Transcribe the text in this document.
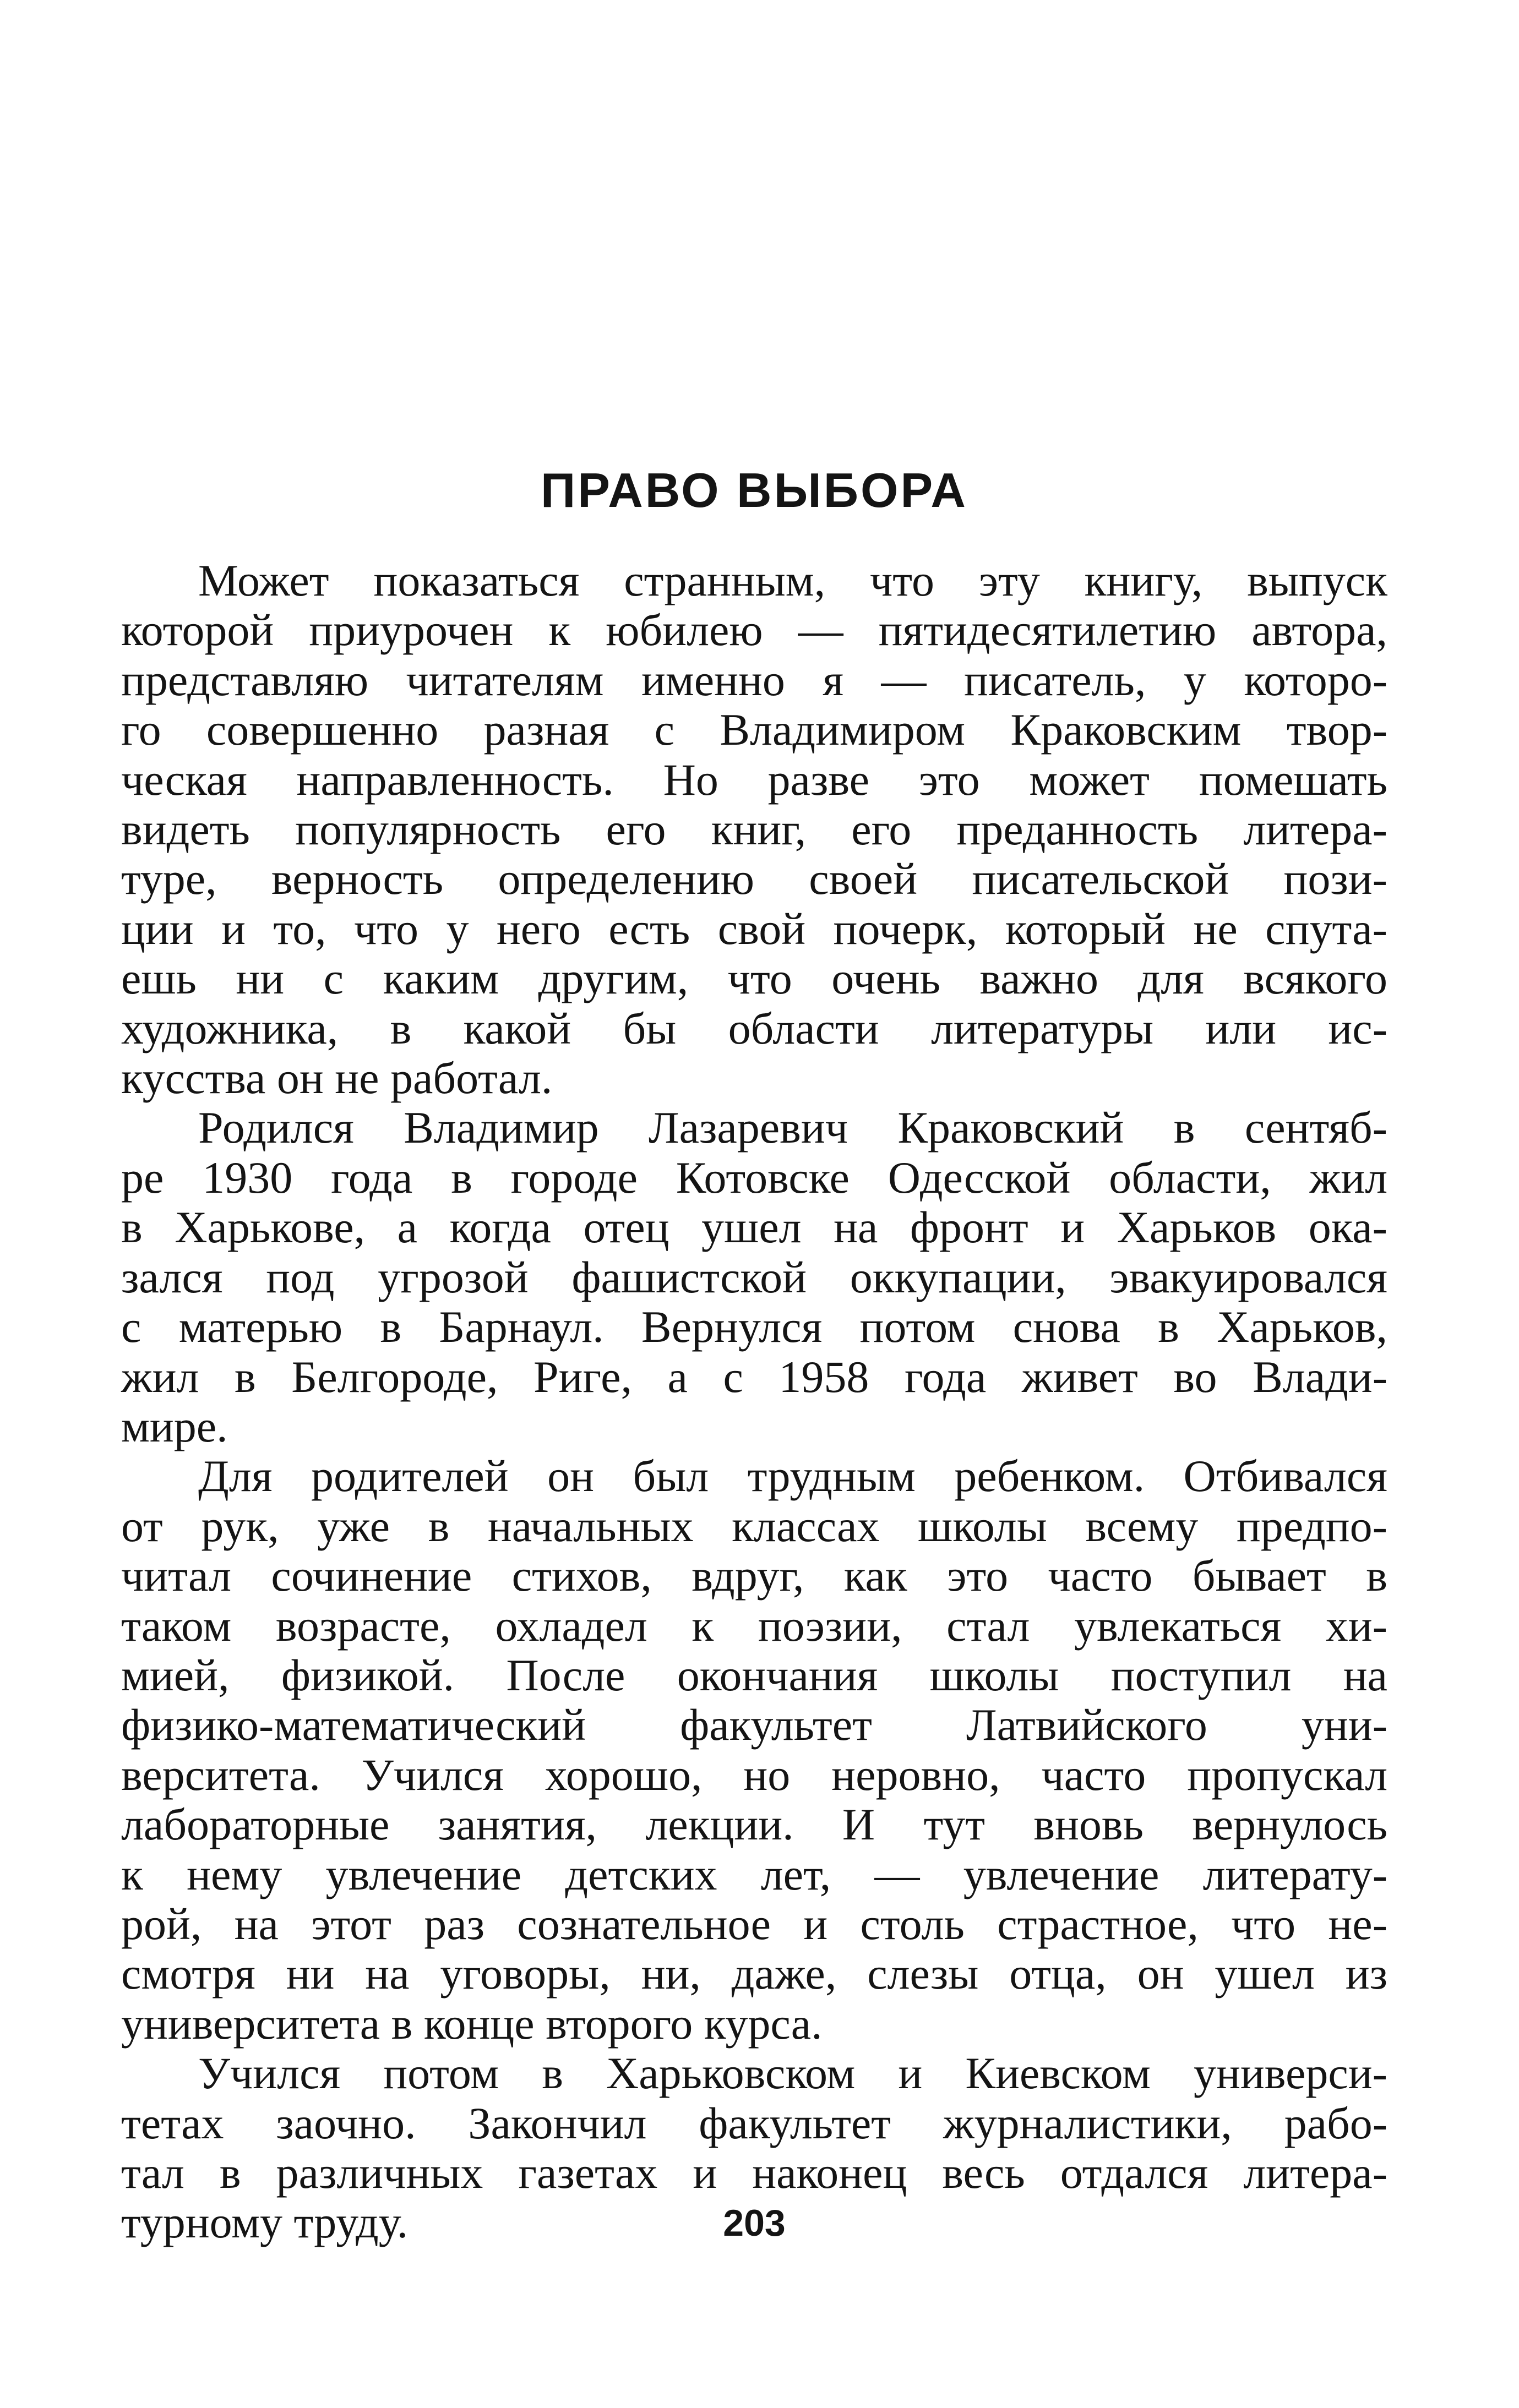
ПРАВО ВЫБОРА

Может показаться странным, что эту книгу, выпуск
которой приурочен к юбилею — пятидесятилетию автора,
представляю читателям именно я — писатель, у которо-
го совершенно разная с Владимиром Краковским твор-
ческая направленность. Но разве это может помешать
видеть популярность его книг, его преданность литера-
туре, верность определению своей писательской пози-
ции и то, что у него есть свой почерк, который не спута-
ешь ни с каким другим, что очень важно для всякого
художника, в какой бы области литературы или ис-
кусства он не работал.

Родился Владимир Лазаревич Краковский в сентяб-
ре 1930 года в городе Котовске Одесской области, жил
в Харькове, а когда отец ушел на фронт и Харьков ока-
зался под угрозой фашистской оккупации, эвакуировался
с матерью в Барнаул. Вернулся потом снова в Харьков,
жил в Белгороде, Риге, а с 1958 года живет во Влади-
мире.

Для родителей он был трудным ребенком. Отбивался
от рук, уже в начальных классах школы всему предпо-
читал сочинение стихов, вдруг, как это часто бывает в
таком возрасте, охладел к поэзии, стал увлекаться хи-
мией, физикой. После окончания школы поступил на
физико-математический факультет Латвийского уни-
верситета. Учился хорошо, но неровно, часто пропускал
лабораторные занятия, лекции. И тут вновь вернулось
к нему увлечение детских лет, — увлечение литерату-
рой, на этот раз сознательное и столь страстное, что не-
смотря ни на уговоры, ни, даже, слезы отца, он ушел из
университета в конце второго курса.

Учился потом в Харьковском и Киевском универси-
тетах заочно. Закончил факультет журналистики, рабо-
тал в различных газетах и наконец весь отдался литера-
турному труду.	203
